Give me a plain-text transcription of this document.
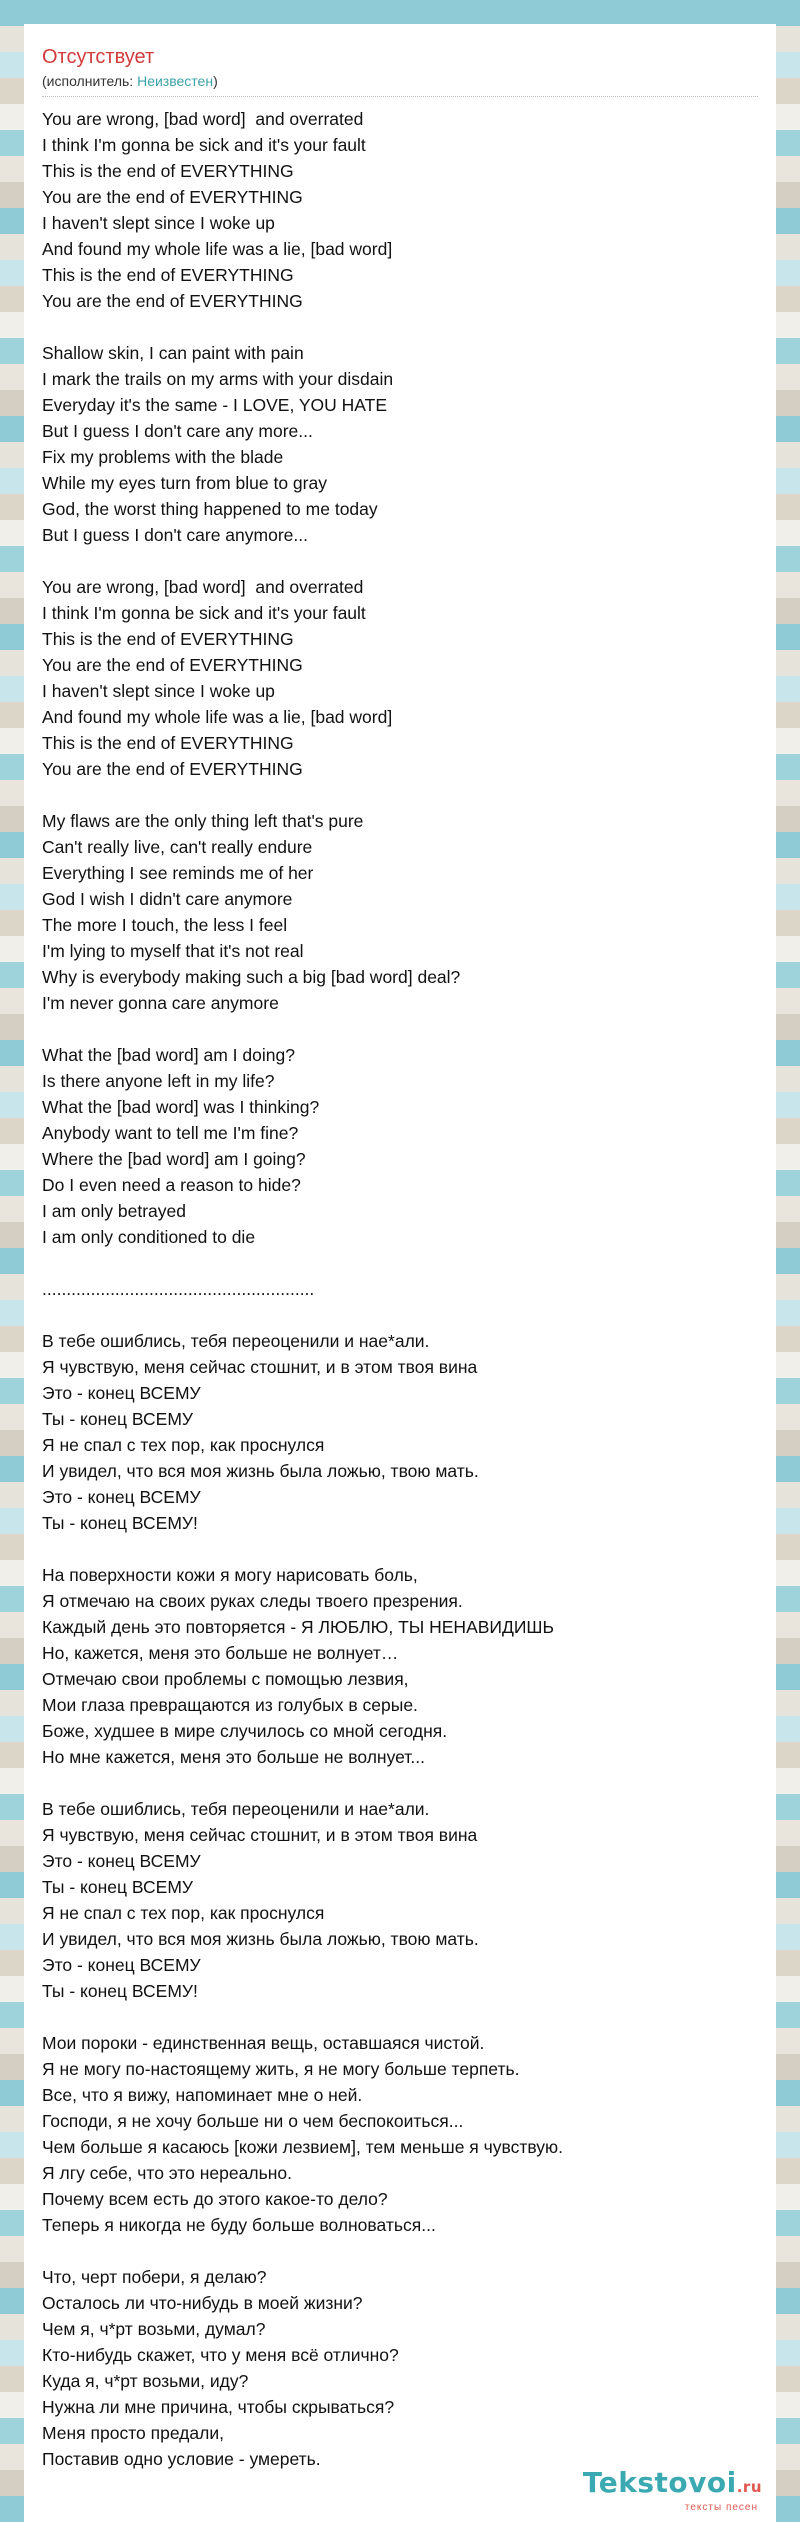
Отсутствует
(исполнитель: Неизвестен)
You are wrong, [bad word]  and overrated
I think I'm gonna be sick and it's your fault
This is the end of EVERYTHING
You are the end of EVERYTHING
I haven't slept since I woke up
And found my whole life was a lie, [bad word]
This is the end of EVERYTHING
You are the end of EVERYTHING
Shallow skin, I can paint with pain
I mark the trails on my arms with your disdain
Everyday it's the same - I LOVE, YOU HATE
But I guess I don't care any more...
Fix my problems with the blade
While my eyes turn from blue to gray
God, the worst thing happened to me today
But I guess I don't care anymore...
You are wrong, [bad word]  and overrated
I think I'm gonna be sick and it's your fault
This is the end of EVERYTHING
You are the end of EVERYTHING
I haven't slept since I woke up
And found my whole life was a lie, [bad word]
This is the end of EVERYTHING
You are the end of EVERYTHING
My flaws are the only thing left that's pure
Can't really live, can't really endure
Everything I see reminds me of her
God I wish I didn't care anymore
The more I touch, the less I feel
I'm lying to myself that it's not real
Why is everybody making such a big [bad word] deal?
I'm never gonna care anymore
What the [bad word] am I doing?
Is there anyone left in my life?
What the [bad word] was I thinking?
Anybody want to tell me I'm fine?
Where the [bad word] am I going?
Do I even need a reason to hide?
I am only betrayed
I am only conditioned to die
........................................................
В тебе ошиблись, тебя переоценили и нае*али.
Я чувствую, меня сейчас стошнит, и в этом твоя вина
Это - конец ВСЕМУ
Ты - конец ВСЕМУ
Я не спал с тех пор, как проснулся
И увидел, что вся моя жизнь была ложью, твою мать.
Это - конец ВСЕМУ
Ты - конец ВСЕМУ!
На поверхности кожи я могу нарисовать боль,
Я отмечаю на своих руках следы твоего презрения.
Каждый день это повторяется - Я ЛЮБЛЮ, ТЫ НЕНАВИДИШЬ
Но, кажется, меня это больше не волнует…
Отмечаю свои проблемы с помощью лезвия,
Мои глаза превращаются из голубых в серые.
Боже, худшее в мире случилось со мной сегодня.
Но мне кажется, меня это больше не волнует...
В тебе ошиблись, тебя переоценили и нае*али.
Я чувствую, меня сейчас стошнит, и в этом твоя вина
Это - конец ВСЕМУ
Ты - конец ВСЕМУ
Я не спал с тех пор, как проснулся
И увидел, что вся моя жизнь была ложью, твою мать.
Это - конец ВСЕМУ
Ты - конец ВСЕМУ!
Мои пороки - единственная вещь, оставшаяся чистой.
Я не могу по-настоящему жить, я не могу больше терпеть.
Все, что я вижу, напоминает мне о ней.
Господи, я не хочу больше ни о чем беспокоиться...
Чем больше я касаюсь [кожи лезвием], тем меньше я чувствую.
Я лгу себе, что это нереально.
Почему всем есть до этого какое-то дело?
Теперь я никогда не буду больше волноваться...
Что, черт побери, я делаю?
Осталось ли что-нибудь в моей жизни?
Чем я, ч*рт возьми, думал?
Кто-нибудь скажет, что у меня всё отлично?
Куда я, ч*рт возьми, иду?
Нужна ли мне причина, чтобы скрываться?
Меня просто предали,
Поставив одно условие - умереть.
Tekstovoi.ru
тексты песен
